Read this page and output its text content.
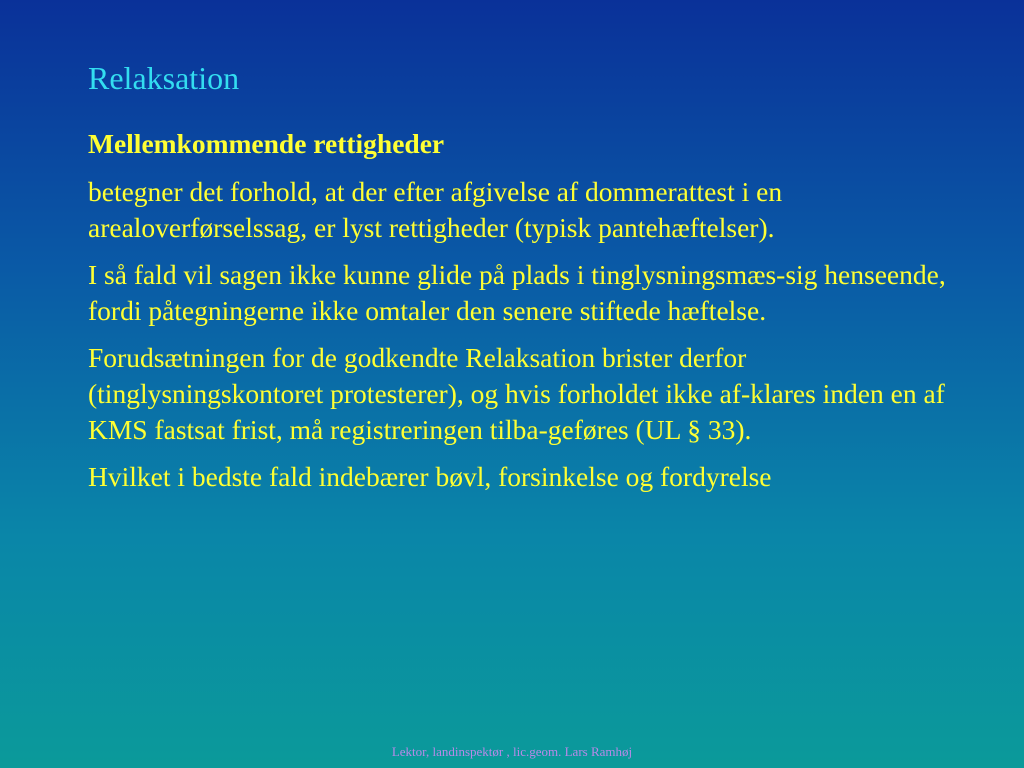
Relaksation

Mellemkommende rettigheder

betegner det forhold, at der efter afgivelse af dommerattest i en arealoverførselssag, er lyst rettigheder (typisk pantehæftelser).

I så fald vil sagen ikke kunne glide på plads i tinglysningsmæs-sig henseende, fordi påtegningerne ikke omtaler den senere stiftede hæftelse.

Forudsætningen for de godkendte Relaksation brister derfor (tinglysningskontoret protesterer), og hvis forholdet ikke af-klares inden en af KMS fastsat frist, må registreringen tilba-geføres (UL § 33).

Hvilket i bedste fald indebærer bøvl, forsinkelse og fordyrelse

Lektor, landinspektør , lic.geom. Lars Ramhøj
